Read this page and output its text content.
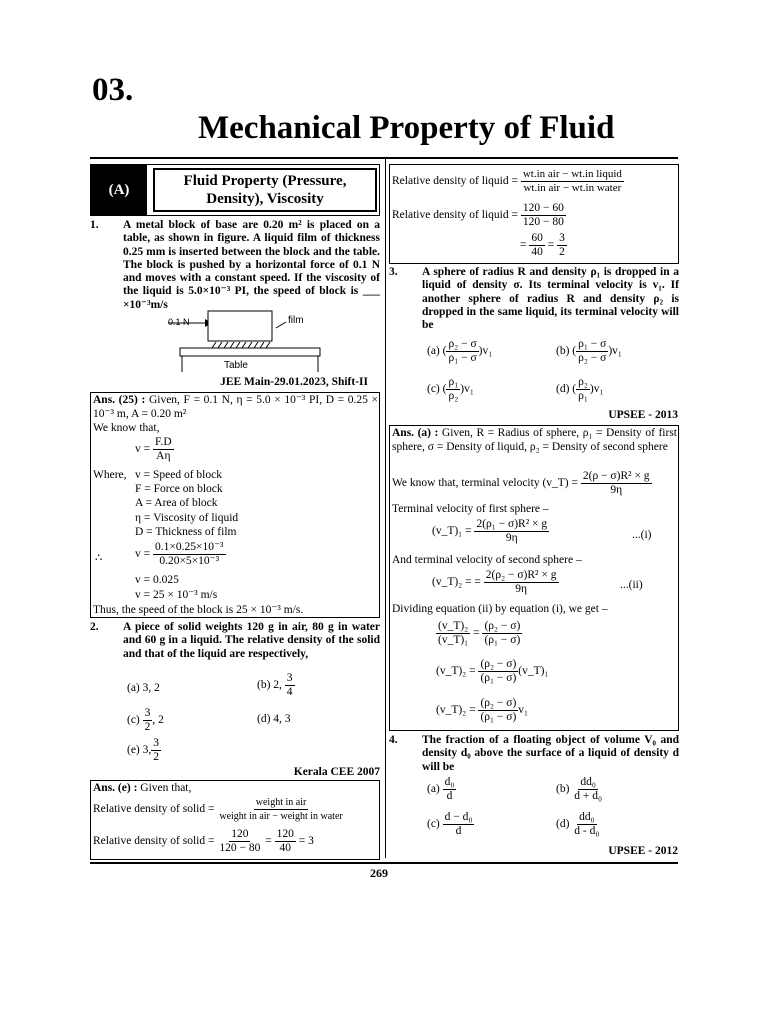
03.
Mechanical Property of Fluid
(A)
Fluid Property (Pressure, Density), Viscosity
1. A metal block of base are 0.20 m² is placed on a table, as shown in figure. A liquid film of thickness 0.25 mm is inserted between the block and the table. The block is pushed by a horizontal force of 0.1 N and moves with a constant speed. If the viscosity of the liquid is 5.0×10⁻³ PI, the speed of block is ___ ×10⁻³m/s
0.1 N	film
Table
JEE Main-29.01.2023, Shift-II
Ans. (25) : Given, F = 0.1 N, η = 5.0 × 10⁻³ PI, D = 0.25 × 10⁻³ m, A = 0.20 m²
We know that,
$v = \frac{F.D}{A\eta}$
Where, v = Speed of block
F = Force on block
A = Area of block
η = Viscosity of liquid
D = Thickness of film
∴	$v = \frac{\text{0.1×0.25×10⁻³}}{\text{0.20×5×10⁻³}}$
v = 0.025
v = 25 × 10⁻³ m/s
Thus, the speed of the block is 25 × 10⁻³ m/s.
2. A piece of solid weights 120 g in air, 80 g in water and 60 g in a liquid. The relative density of the solid and that of the liquid are respectively,
(a) 3, 2	(b) 2, $\frac{3}{4}$
$(c) \frac{3}{2}$ , 2	(d) 4, 3
(e) 3, $\frac{3}{2}$
Kerala CEE 2007
Ans. (e) : Given that,
Relative density of solid =
weight in air
weight in air − weight in water
Relative density of solid = $\frac{120}{120 - 80} = \frac{120}{40} = 3$
Relative density of liquid =
wt.in air − wt.in liquid
wt.in air − wt.in water
Relative density of liquid = $\frac{120 - 60}{120 - 80}$
= $\frac{60}{40} = \frac{3}{2}$
3. A sphere of radius R and density ρ₁ is dropped in a liquid of density σ. Its terminal velocity is v₁. If another sphere of radius R and density ρ₂ is dropped in the same liquid, its terminal velocity will be
(a) ( $\frac{\text{ρ₂ − σ}}{\text{ρ₁ − σ}} )v_1$	(b) ( $\frac{\text{ρ₁ − σ}}{\text{ρ₂ − σ}} )v_1$
(c) ( $\frac{\text{ρ₁}}{\text{ρ₂}} )v_1$	(d) ( $\frac{\text{ρ₂}}{\text{ρ₁}} )v_1$
UPSEE - 2013
Ans. (a) : Given, R = Radius of sphere, ρ₁ = Density of first sphere, σ = Density of liquid, ρ₂ = Density of second sphere
We know that, terminal velocity (v_T) = $\frac{\text{2(ρ − σ)R² × g}}{9\eta}$
Terminal velocity of first sphere –
(v_T)₁ = $\frac{\text{2(ρ₁ − σ)R² × g}}{9\eta}$	...(i)
And terminal velocity of second sphere –
(v_T)₂ = = $\frac{\text{2(ρ₂ − σ)R² × g}}{9\eta}$	...(ii)
Dividing equation (ii) by equation (i), we get –
$\frac{\text{(v\_T)₂}}{\text{(v\_T)₁}} = \frac{\text{(ρ₂ − σ)}}{\text{(ρ₁ − σ)}}$
(v_T)₂ = $\frac{\text{(ρ₂ − σ)}}{\text{(ρ₁ − σ)}}$ (v_T)₁
(v_T)₂ = $\frac{\text{(ρ₂ − σ)}}{\text{(ρ₁ − σ)}} v_1$
4. The fraction of a floating object of volume V₀ and density d₀ above the surface of a liquid of density d will be
$(a) \frac{\text{d₀}}{d}$	$(b) \frac{\text{dd₀}}{\text{d + d₀}}$
$(c) \frac{\text{d − d₀}}{d}$	$(d) \frac{\text{dd₀}}{\text{d - d₀}}$
UPSEE - 2012
269
